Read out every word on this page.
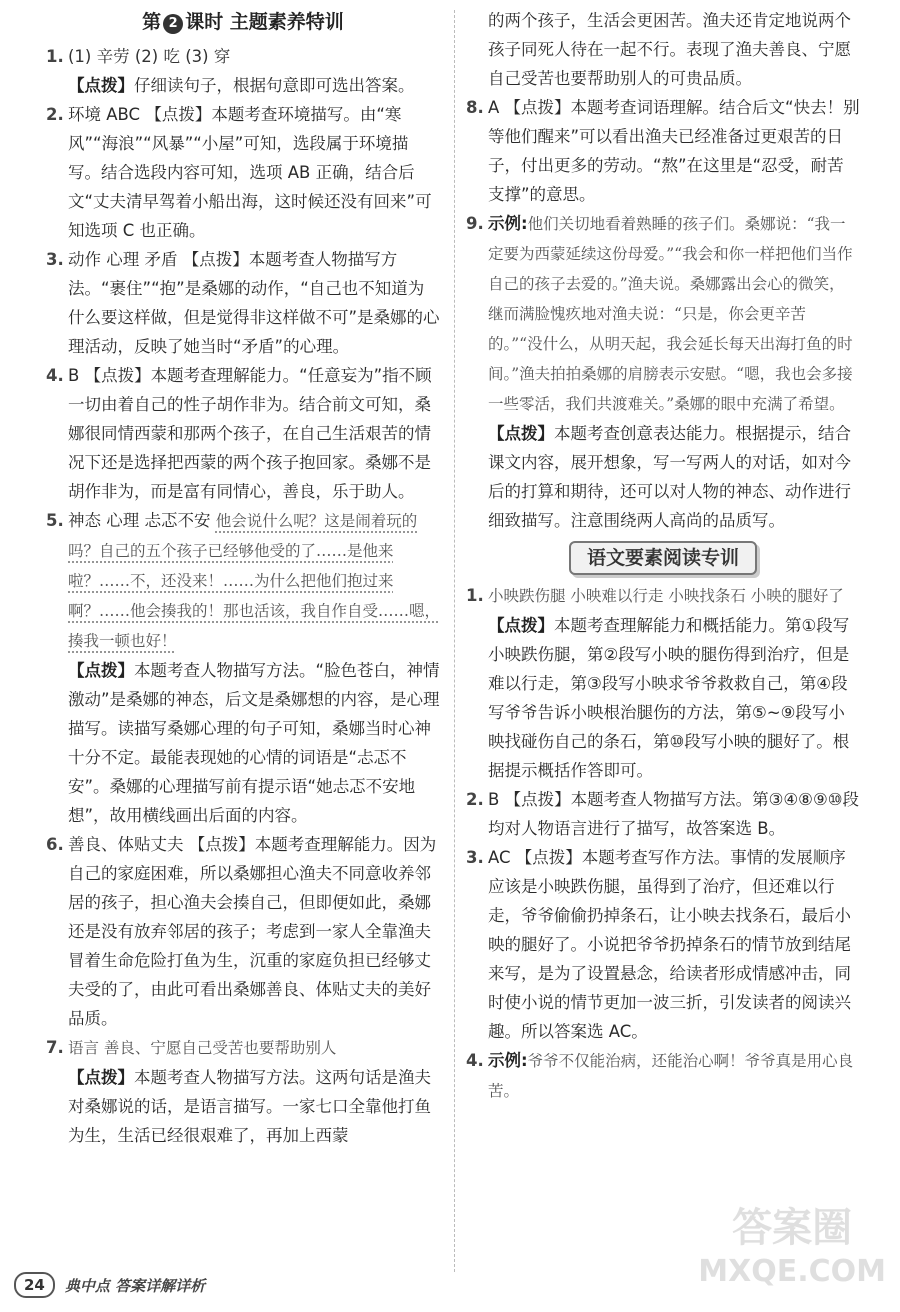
第 2 课时 主题素养特训

1. (1) 辛劳 (2) 吃 (3) 穿

【点拨】仔细读句子，根据句意即可选出答案。

2. 环境 ABC 【点拨】本题考查环境描写。由“寒风”“海浪”“风暴”“小屋”可知，选段属于环境描写。结合选段内容可知，选项 AB 正确，结合后文“丈夫清早驾着小船出海，这时候还没有回来”可知选项 C 也正确。

3. 动作 心理 矛盾 【点拨】本题考查人物描写方法。“裹住”“抱”是桑娜的动作，“自己也不知道为什么要这样做，但是觉得非这样做不可”是桑娜的心理活动，反映了她当时“矛盾”的心理。

4. B 【点拨】本题考查理解能力。“任意妄为”指不顾一切由着自己的性子胡作非为。结合前文可知，桑娜很同情西蒙和那两个孩子，在自己生活艰苦的情况下还是选择把西蒙的两个孩子抱回家。桑娜不是胡作非为，而是富有同情心，善良，乐于助人。

5. 神态 心理 忐忑不安 他会说什么呢？这是闹着玩的吗？自己的五个孩子已经够他受的了……是他来啦？……不，还没来！……为什么把他们抱过来啊？……他会揍我的！那也活该，我自作自受……嗯，揍我一顿也好！

【点拨】本题考查人物描写方法。“脸色苍白，神情激动”是桑娜的神态，后文是桑娜想的内容，是心理描写。读描写桑娜心理的句子可知，桑娜当时心神十分不定。最能表现她的心情的词语是“忐忑不安”。桑娜的心理描写前有提示语“她忐忑不安地想”，故用横线画出后面的内容。

6. 善良、体贴丈夫 【点拨】本题考查理解能力。因为自己的家庭困难，所以桑娜担心渔夫不同意收养邻居的孩子，担心渔夫会揍自己，但即便如此，桑娜还是没有放弃邻居的孩子；考虑到一家人全靠渔夫冒着生命危险打鱼为生，沉重的家庭负担已经够丈夫受的了，由此可看出桑娜善良、体贴丈夫的美好品质。

7. 语言 善良、宁愿自己受苦也要帮助别人

【点拨】本题考查人物描写方法。这两句话是渔夫对桑娜说的话，是语言描写。一家七口全靠他打鱼为生，生活已经很艰难了，再加上西蒙

的两个孩子，生活会更困苦。渔夫还肯定地说两个孩子同死人待在一起不行。表现了渔夫善良、宁愿自己受苦也要帮助别人的可贵品质。

8. A 【点拨】本题考查词语理解。结合后文“快去！别等他们醒来”可以看出渔夫已经准备过更艰苦的日子，付出更多的劳动。“熬”在这里是“忍受，耐苦支撑”的意思。

9. 示例:他们关切地看着熟睡的孩子们。桑娜说：“我一定要为西蒙延续这份母爱。”“我会和你一样把他们当作自己的孩子去爱的。”渔夫说。桑娜露出会心的微笑，继而满脸愧疚地对渔夫说：“只是，你会更辛苦的。”“没什么，从明天起，我会延长每天出海打鱼的时间。”渔夫拍拍桑娜的肩膀表示安慰。“嗯，我也会多接一些零活，我们共渡难关。”桑娜的眼中充满了希望。

【点拨】本题考查创意表达能力。根据提示，结合课文内容，展开想象，写一写两人的对话，如对今后的打算和期待，还可以对人物的神态、动作进行细致描写。注意围绕两人高尚的品质写。

语文要素阅读专训

1. 小映跌伤腿 小映难以行走 小映找条石 小映的腿好了

【点拨】本题考查理解能力和概括能力。第①段写小映跌伤腿，第②段写小映的腿伤得到治疗，但是难以行走，第③段写小映求爷爷救救自己，第④段写爷爷告诉小映根治腿伤的方法，第⑤~⑨段写小映找碰伤自己的条石，第⑩段写小映的腿好了。根据提示概括作答即可。

2. B 【点拨】本题考查人物描写方法。第③④⑧⑨⑩段均对人物语言进行了描写，故答案选 B。

3. AC 【点拨】本题考查写作方法。事情的发展顺序应该是小映跌伤腿，虽得到了治疗，但还难以行走，爷爷偷偷扔掉条石，让小映去找条石，最后小映的腿好了。小说把爷爷扔掉条石的情节放到结尾来写，是为了设置悬念，给读者形成情感冲击，同时使小说的情节更加一波三折，引发读者的阅读兴趣。所以答案选 AC。

4. 示例:爷爷不仅能治病，还能治心啊！爷爷真是用心良苦。

24	典中点 答案详解详析
答案圈
MXQE.COM
